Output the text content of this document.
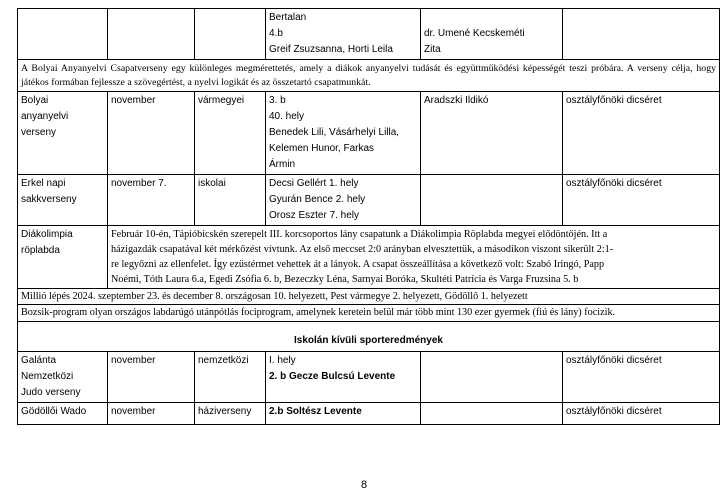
			Bertalan
4.b
Greif Zsuzsanna, Horti Leila	dr. Umené Kecskeméti
Zita	

A Bolyai Anyanyelvi Csapatverseny egy különleges megmérettetés, amely a diákok anyanyelvi tudását és együttműködési képességét teszi próbára. A verseny célja, hogy játékos formában fejlessze a szövegértést, a nyelvi logikát és az összetartó csapatmunkát.					

Bolyai
anyanyelvi
verseny	november	vármegyei	3. b
40. hely
Benedek Lili, Vásárhelyi Lilla,
Kelemen Hunor, Farkas
Ármin	Aradszki Ildikó	osztályfőnöki dicséret

Erkel napi
sakkverseny	november 7.	iskolai	Decsi Gellért 1. hely
Gyurán Bence 2. hely
Orosz Eszter 7. hely		osztályfőnöki dicséret

Diákolimpia
röplabda	Február 10-én, Tápióbicskén szerepelt III. korcsoportos lány csapatunk a Diákolimpia Röplabda megyei elődöntőjén. Itt a
házigazdák csapatával két mérkőzést vívtunk. Az első meccset 2:0 arányban elvesztettük, a másodikon viszont sikerült 2:1-
re legyőzni az ellenfelet. Így ezüstérmet vehettek át a lányok. A csapat összeállítása a következő volt: Szabó Iringó, Papp
Noémi, Tóth Laura 6.a, Egedi Zsófia 6. b, Bezeczky Léna, Sarnyai Boróka, Skultéti Patrícia és Varga Fruzsina 5. b				

Millió lépés 2024. szeptember 23. és december 8. országosan 10. helyezett, Pest vármegye 2. helyezett, Gödöllő 1. helyezett					
Bozsik-program olyan országos labdarúgó utánpótlás fociprogram, amelynek keretein belül már több mint 130 ezer gyermek (fiú és lány) focizik.					
Iskolán kívüli sporteredmények					

Galánta
Nemzetközi
Judo verseny	november	nemzetközi	I. hely
2. b Gecze Bulcsú Levente		osztályfőnöki dicséret
Gödöllői Wado	november	háziverseny	2.b Soltész Levente		osztályfőnöki dicséret
8
